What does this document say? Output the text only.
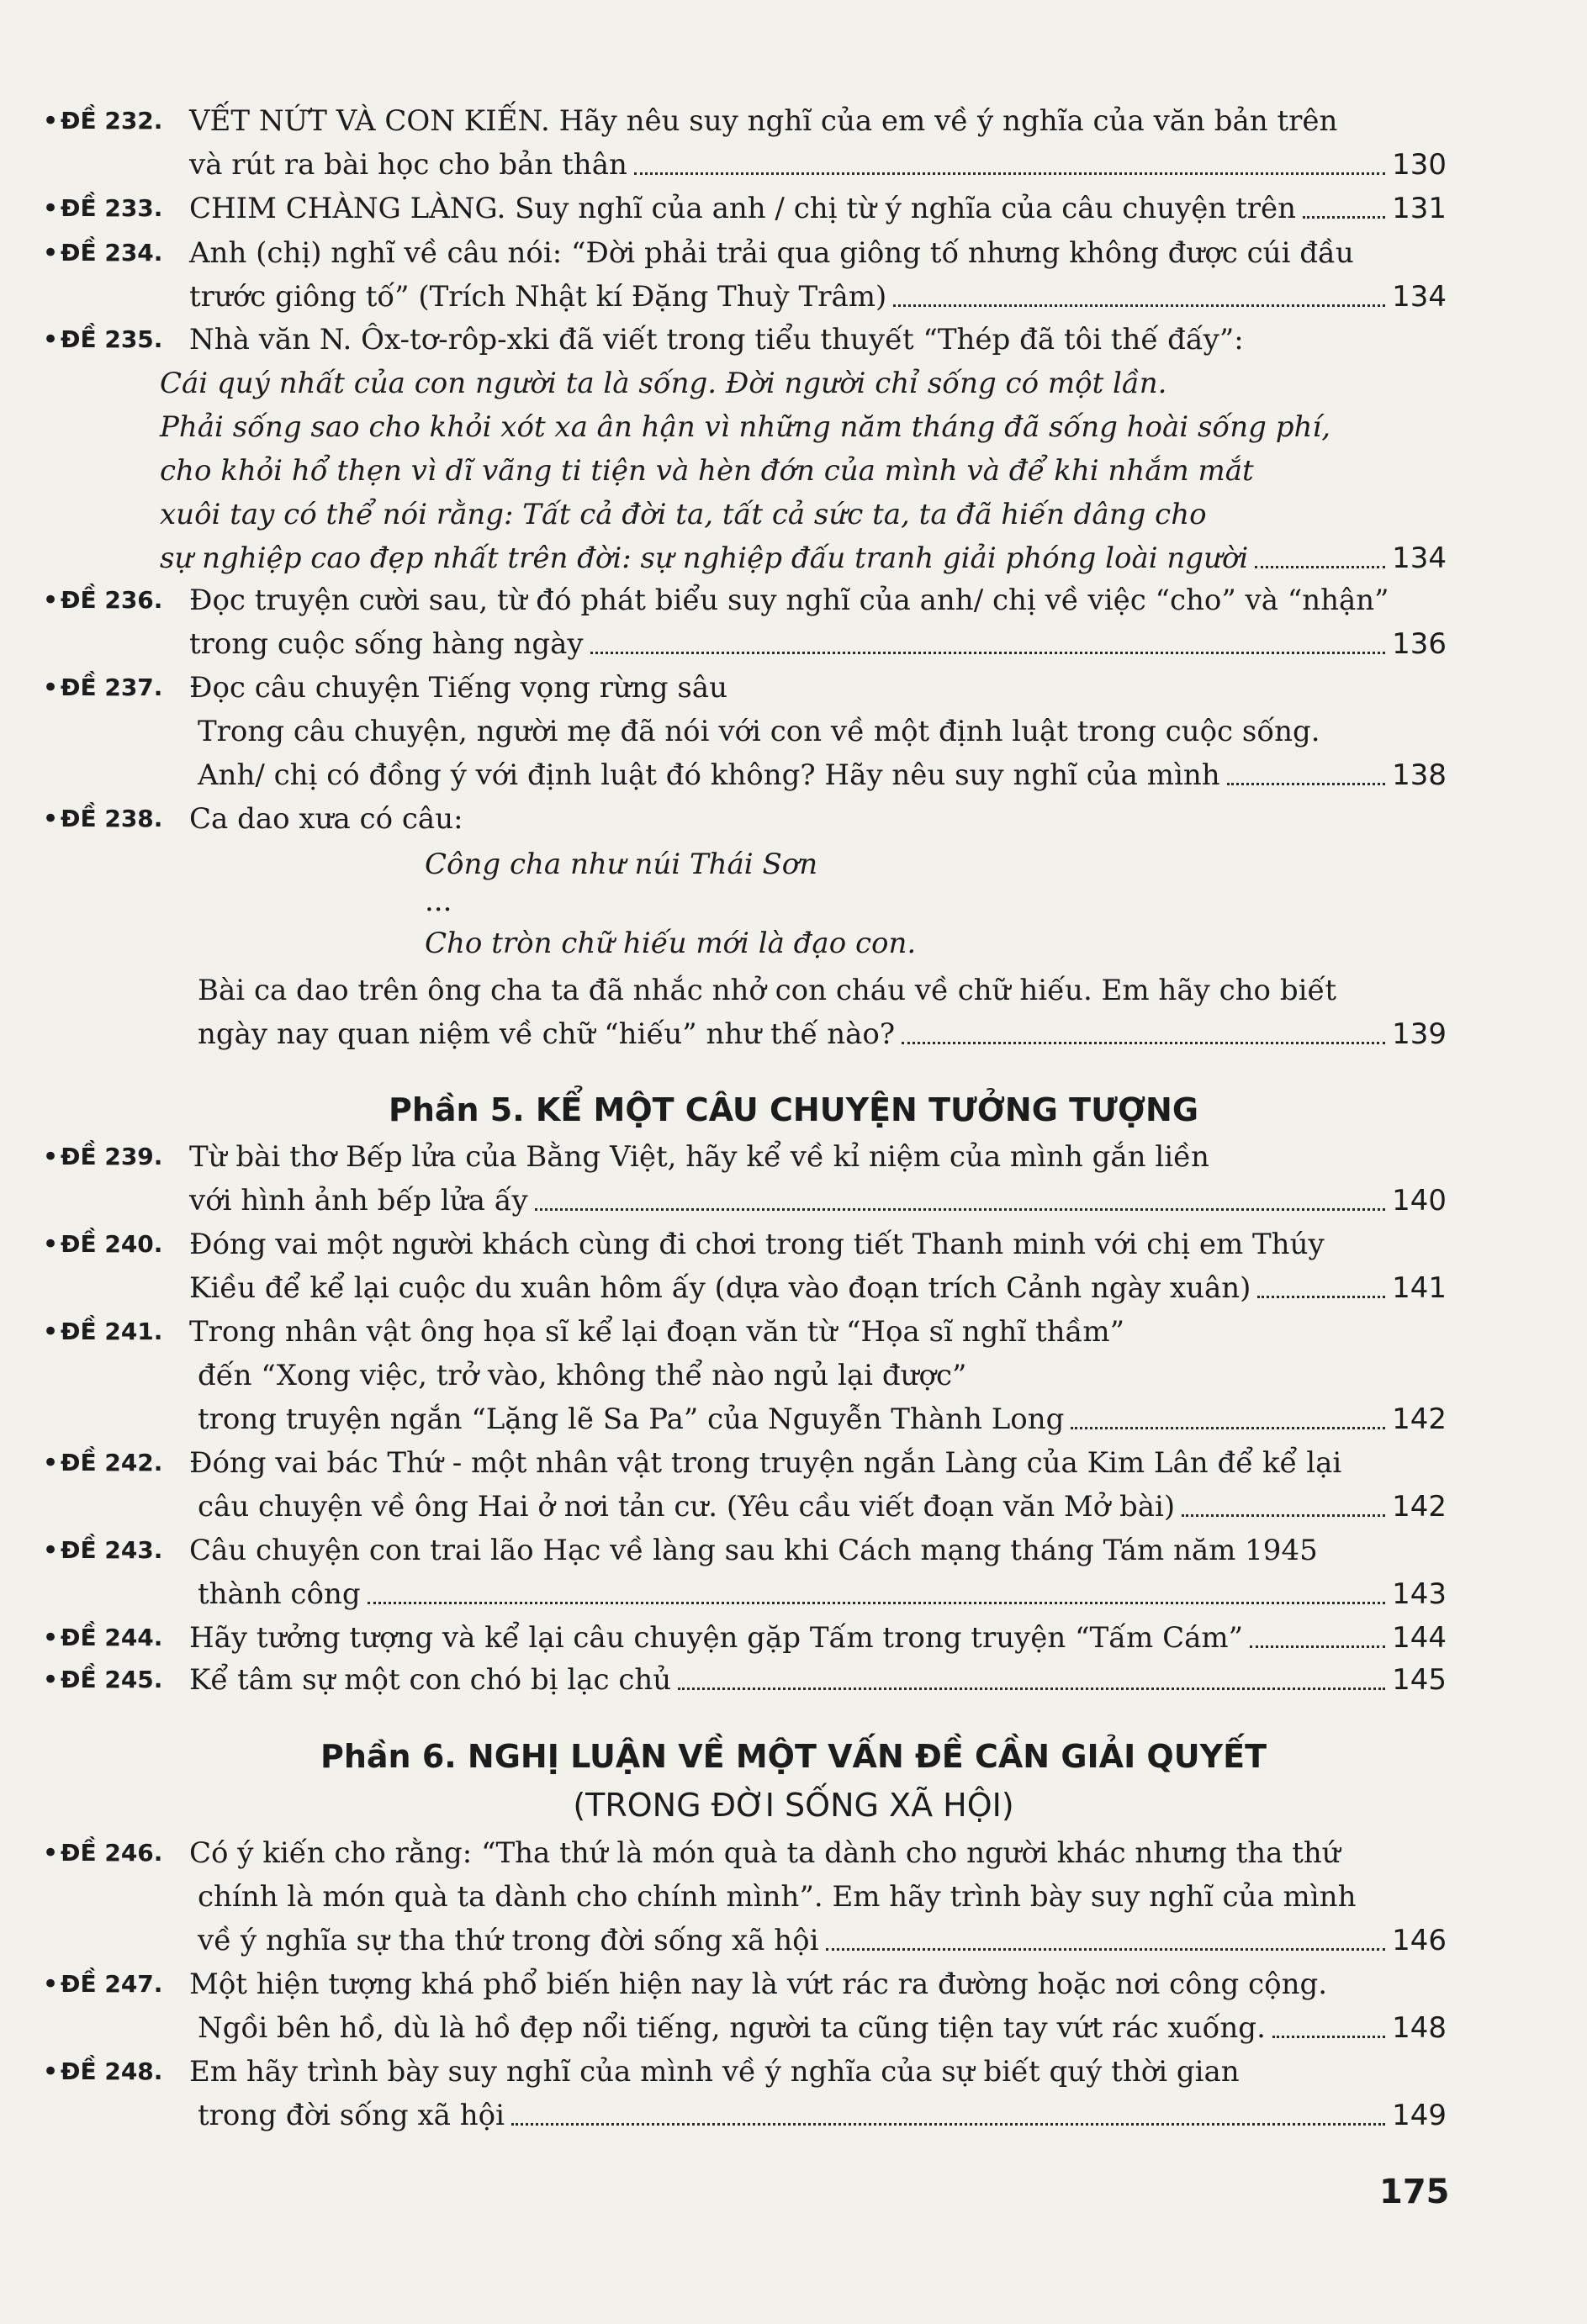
• ĐỀ 232. VẾT NỨT VÀ CON KIẾN. Hãy nêu suy nghĩ của em về ý nghĩa của văn bản trên
và rút ra bài học cho bản thân	130
• ĐỀ 233. CHIM CHÀNG LÀNG. Suy nghĩ của anh / chị từ ý nghĩa của câu chuyện trên	131
• ĐỀ 234. Anh (chị) nghĩ về câu nói: “Đời phải trải qua giông tố nhưng không được cúi đầu
trước giông tố” (Trích Nhật kí Đặng Thuỳ Trâm)	134
• ĐỀ 235. Nhà văn N. Ôx-tơ-rôp-xki đã viết trong tiểu thuyết “Thép đã tôi thế đấy”:
Cái quý nhất của con người ta là sống. Đời người chỉ sống có một lần.
Phải sống sao cho khỏi xót xa ân hận vì những năm tháng đã sống hoài sống phí,
cho khỏi hổ thẹn vì dĩ vãng ti tiện và hèn đớn của mình và để khi nhắm mắt
xuôi tay có thể nói rằng: Tất cả đời ta, tất cả sức ta, ta đã hiến dâng cho
sự nghiệp cao đẹp nhất trên đời: sự nghiệp đấu tranh giải phóng loài người	134
• ĐỀ 236. Đọc truyện cười sau, từ đó phát biểu suy nghĩ của anh/ chị về việc “cho” và “nhận”
trong cuộc sống hàng ngày	136
• ĐỀ 237. Đọc câu chuyện Tiếng vọng rừng sâu
Trong câu chuyện, người mẹ đã nói với con về một định luật trong cuộc sống.
Anh/ chị có đồng ý với định luật đó không? Hãy nêu suy nghĩ của mình	138
• ĐỀ 238. Ca dao xưa có câu:
Công cha như núi Thái Sơn
...
Cho tròn chữ hiếu mới là đạo con.
Bài ca dao trên ông cha ta đã nhắc nhở con cháu về chữ hiếu. Em hãy cho biết
ngày nay quan niệm về chữ “hiếu” như thế nào?	139
Phần 5. KỂ MỘT CÂU CHUYỆN TƯỞNG TƯỢNG
• ĐỀ 239. Từ bài thơ Bếp lửa của Bằng Việt, hãy kể về kỉ niệm của mình gắn liền
với hình ảnh bếp lửa ấy	140
• ĐỀ 240. Đóng vai một người khách cùng đi chơi trong tiết Thanh minh với chị em Thúy
Kiều để kể lại cuộc du xuân hôm ấy (dựa vào đoạn trích Cảnh ngày xuân)	141
• ĐỀ 241. Trong nhân vật ông họa sĩ kể lại đoạn văn từ “Họa sĩ nghĩ thầm”
đến “Xong việc, trở vào, không thể nào ngủ lại được”
trong truyện ngắn “Lặng lẽ Sa Pa” của Nguyễn Thành Long	142
• ĐỀ 242. Đóng vai bác Thứ - một nhân vật trong truyện ngắn Làng của Kim Lân để kể lại
câu chuyện về ông Hai ở nơi tản cư. (Yêu cầu viết đoạn văn Mở bài)	142
• ĐỀ 243. Câu chuyện con trai lão Hạc về làng sau khi Cách mạng tháng Tám năm 1945
thành công	143
• ĐỀ 244. Hãy tưởng tượng và kể lại câu chuyện gặp Tấm trong truyện “Tấm Cám”	144
• ĐỀ 245. Kể tâm sự một con chó bị lạc chủ	145
Phần 6. NGHỊ LUẬN VỀ MỘT VẤN ĐỀ CẦN GIẢI QUYẾT
(TRONG ĐỜI SỐNG XÃ HỘI)
• ĐỀ 246. Có ý kiến cho rằng: “Tha thứ là món quà ta dành cho người khác nhưng tha thứ
chính là món quà ta dành cho chính mình”. Em hãy trình bày suy nghĩ của mình
về ý nghĩa sự tha thứ trong đời sống xã hội	146
• ĐỀ 247. Một hiện tượng khá phổ biến hiện nay là vứt rác ra đường hoặc nơi công cộng.
Ngồi bên hồ, dù là hồ đẹp nổi tiếng, người ta cũng tiện tay vứt rác xuống.	148
• ĐỀ 248. Em hãy trình bày suy nghĩ của mình về ý nghĩa của sự biết quý thời gian
trong đời sống xã hội	149
175
